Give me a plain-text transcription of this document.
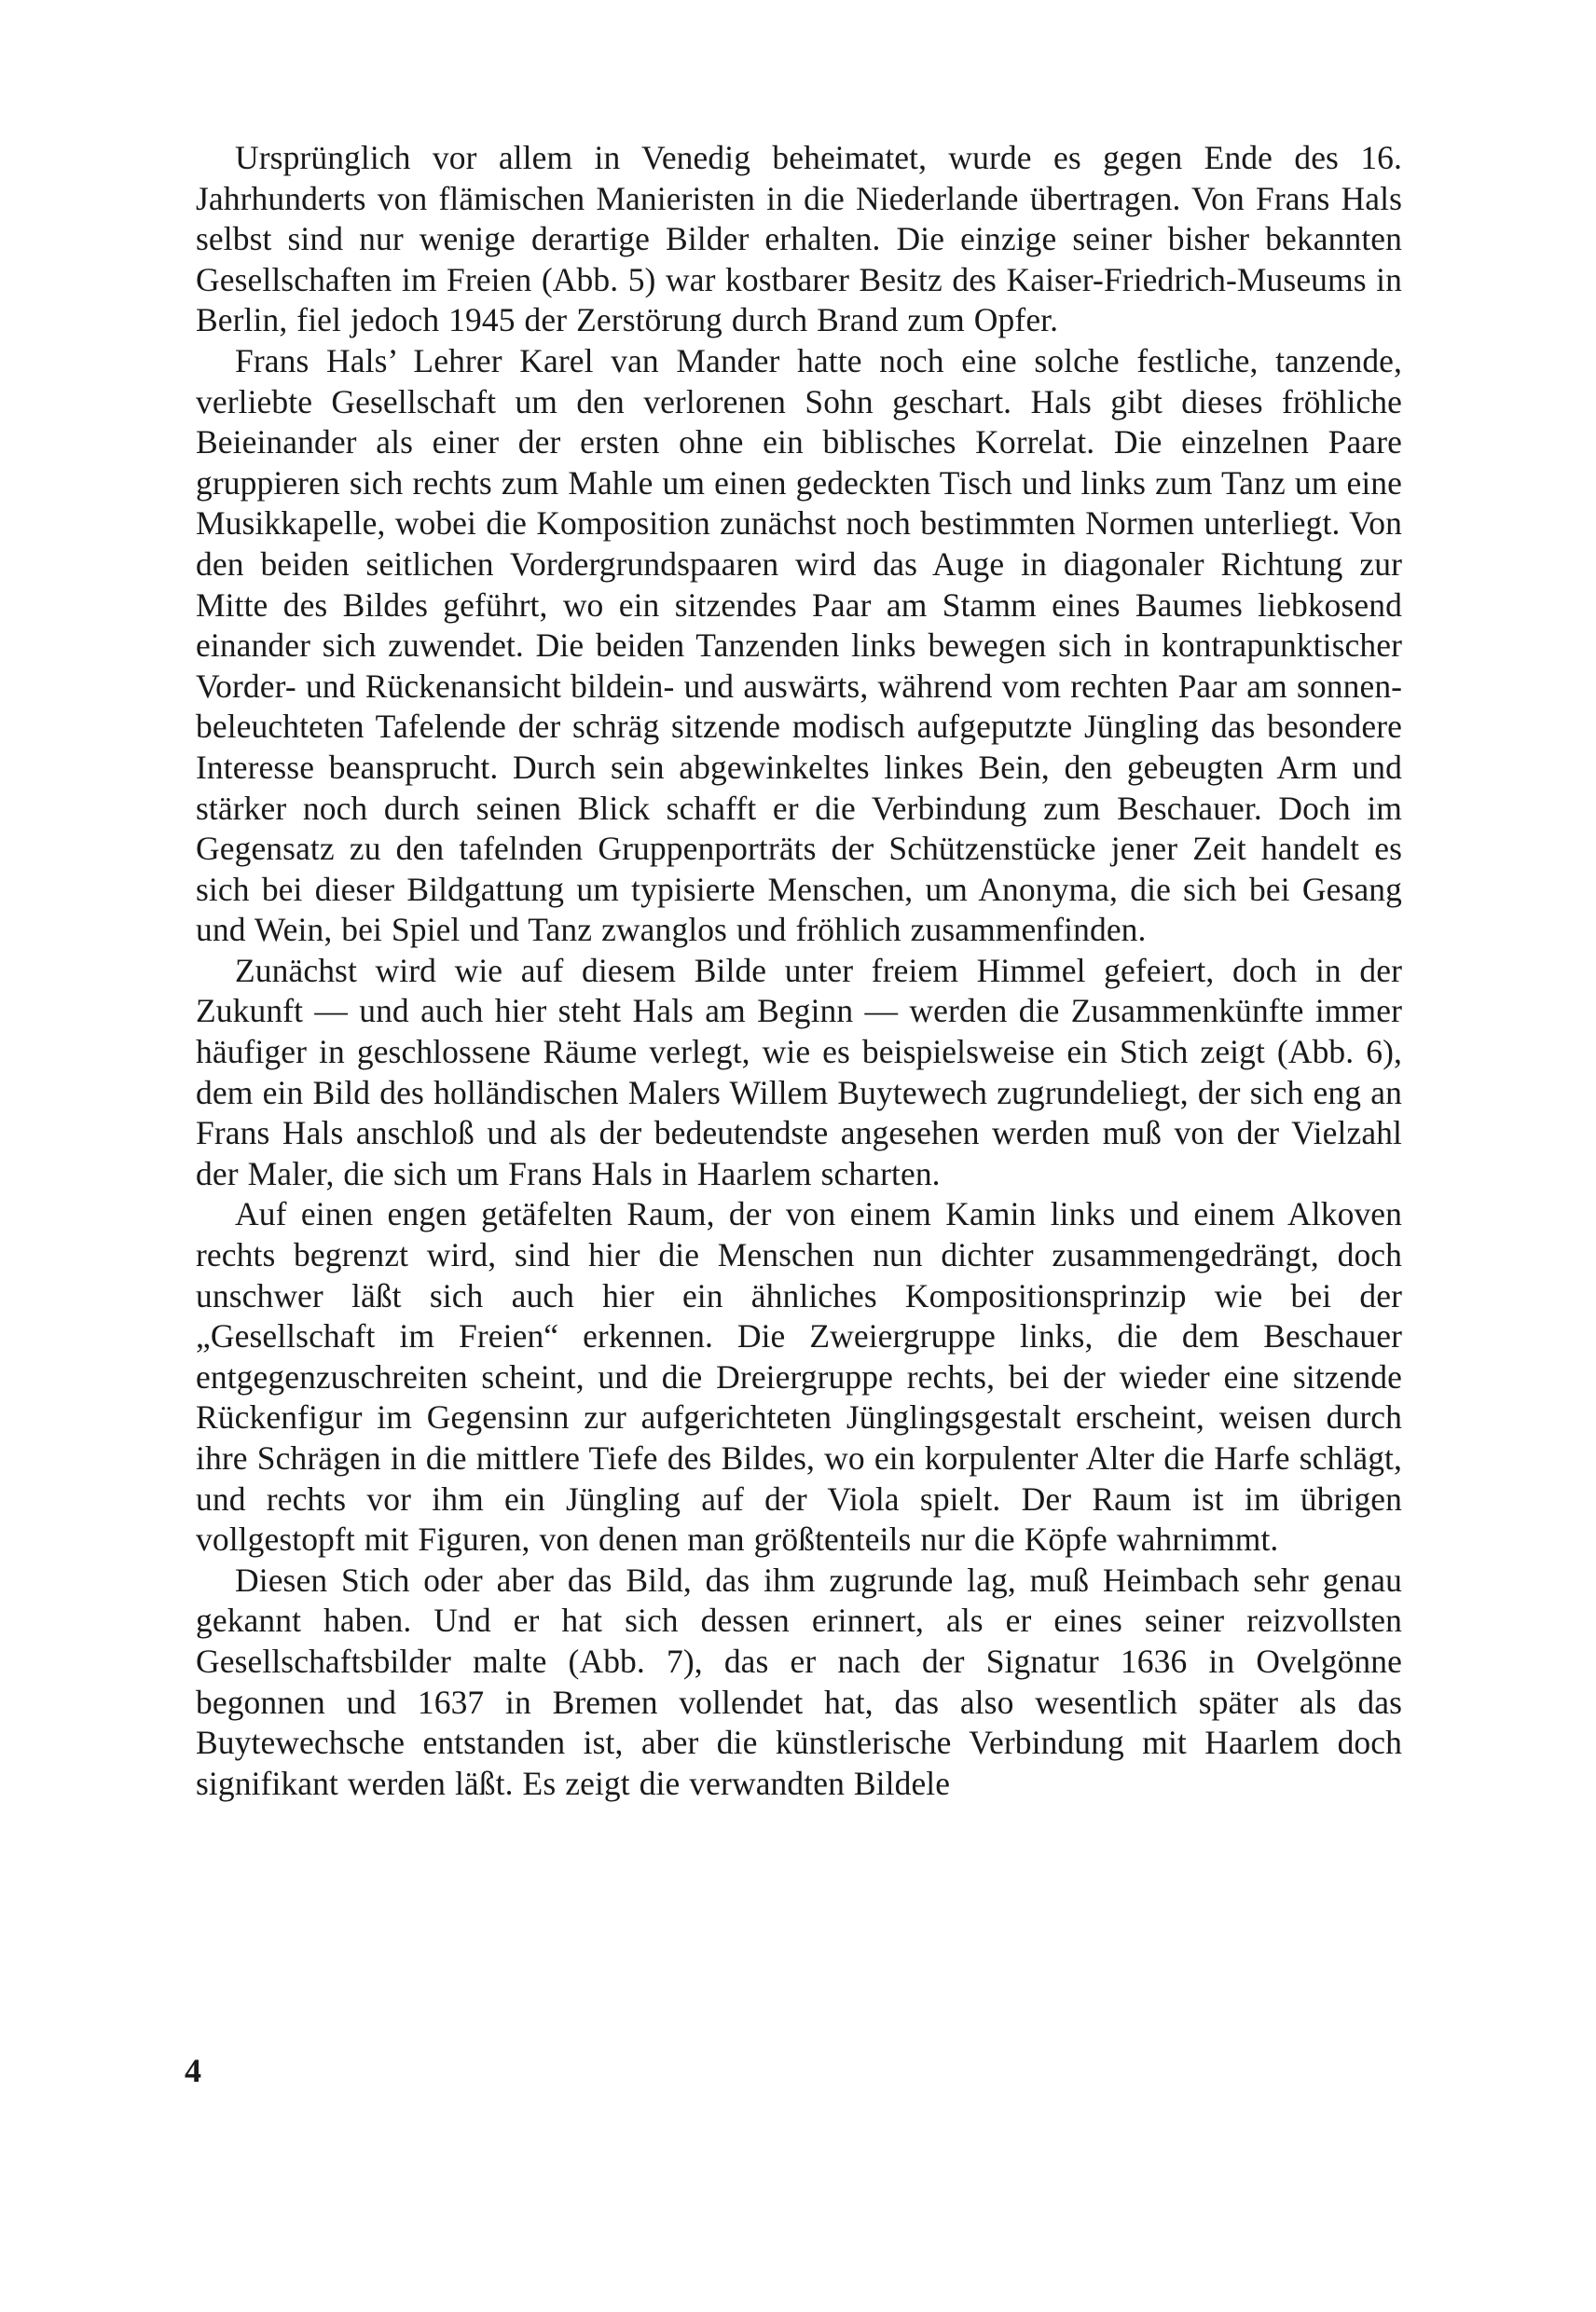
Ursprünglich vor allem in Venedig beheimatet, wurde es gegen Ende des 16. Jahrhunderts von flämischen Manieristen in die Niederlande übertragen. Von Frans Hals selbst sind nur wenige derartige Bilder erhalten. Die einzige seiner bisher bekannten Gesellschaften im Freien (Abb. 5) war kostbarer Besitz des Kaiser-Friedrich-Museums in Berlin, fiel jedoch 1945 der Zerstörung durch Brand zum Opfer.

Frans Hals’ Lehrer Karel van Mander hatte noch eine solche festliche, tanzende, verliebte Gesellschaft um den verlorenen Sohn geschart. Hals gibt dieses fröhliche Beieinander als einer der ersten ohne ein biblisches Korrelat. Die einzelnen Paare gruppieren sich rechts zum Mahle um einen gedeckten Tisch und links zum Tanz um eine Musikkapelle, wobei die Komposition zunächst noch bestimmten Normen unterliegt. Von den beiden seitlichen Vordergrundspaaren wird das Auge in diagonaler Richtung zur Mitte des Bildes geführt, wo ein sitzendes Paar am Stamm eines Baumes liebkosend einander sich zuwendet. Die beiden Tanzenden links bewegen sich in kontrapunktischer Vorder- und Rückenansicht bildein- und auswärts, während vom rechten Paar am sonnenbeleuchteten Tafelende der schräg sitzende modisch aufgeputzte Jüngling das besondere Interesse beansprucht. Durch sein abgewinkeltes linkes Bein, den gebeugten Arm und stärker noch durch seinen Blick schafft er die Verbindung zum Beschauer. Doch im Gegensatz zu den tafelnden Gruppenporträts der Schützenstücke jener Zeit handelt es sich bei dieser Bildgattung um typisierte Menschen, um Anonyma, die sich bei Gesang und Wein, bei Spiel und Tanz zwanglos und fröhlich zusammenfinden.

Zunächst wird wie auf diesem Bilde unter freiem Himmel gefeiert, doch in der Zukunft — und auch hier steht Hals am Beginn — werden die Zusammenkünfte immer häufiger in geschlossene Räume verlegt, wie es beispielsweise ein Stich zeigt (Abb. 6), dem ein Bild des holländischen Malers Willem Buytewech zugrundeliegt, der sich eng an Frans Hals anschloß und als der bedeutendste angesehen werden muß von der Vielzahl der Maler, die sich um Frans Hals in Haarlem scharten.

Auf einen engen getäfelten Raum, der von einem Kamin links und einem Alkoven rechts begrenzt wird, sind hier die Menschen nun dichter zusammengedrängt, doch unschwer läßt sich auch hier ein ähnliches Kompositionsprinzip wie bei der „Gesellschaft im Freien“ erkennen. Die Zweiergruppe links, die dem Beschauer entgegenzuschreiten scheint, und die Dreiergruppe rechts, bei der wieder eine sitzende Rückenfigur im Gegensinn zur aufgerichteten Jünglingsgestalt erscheint, weisen durch ihre Schrägen in die mittlere Tiefe des Bildes, wo ein korpulenter Alter die Harfe schlägt, und rechts vor ihm ein Jüngling auf der Viola spielt. Der Raum ist im übrigen vollgestopft mit Figuren, von denen man größtenteils nur die Köpfe wahrnimmt.

Diesen Stich oder aber das Bild, das ihm zugrunde lag, muß Heimbach sehr genau gekannt haben. Und er hat sich dessen erinnert, als er eines seiner reizvollsten Gesellschaftsbilder malte (Abb. 7), das er nach der Signatur 1636 in Ovelgönne begonnen und 1637 in Bremen vollendet hat, das also wesentlich später als das Buytewechsche entstanden ist, aber die künstlerische Verbindung mit Haarlem doch signifikant werden läßt. Es zeigt die verwandten Bildele

4
